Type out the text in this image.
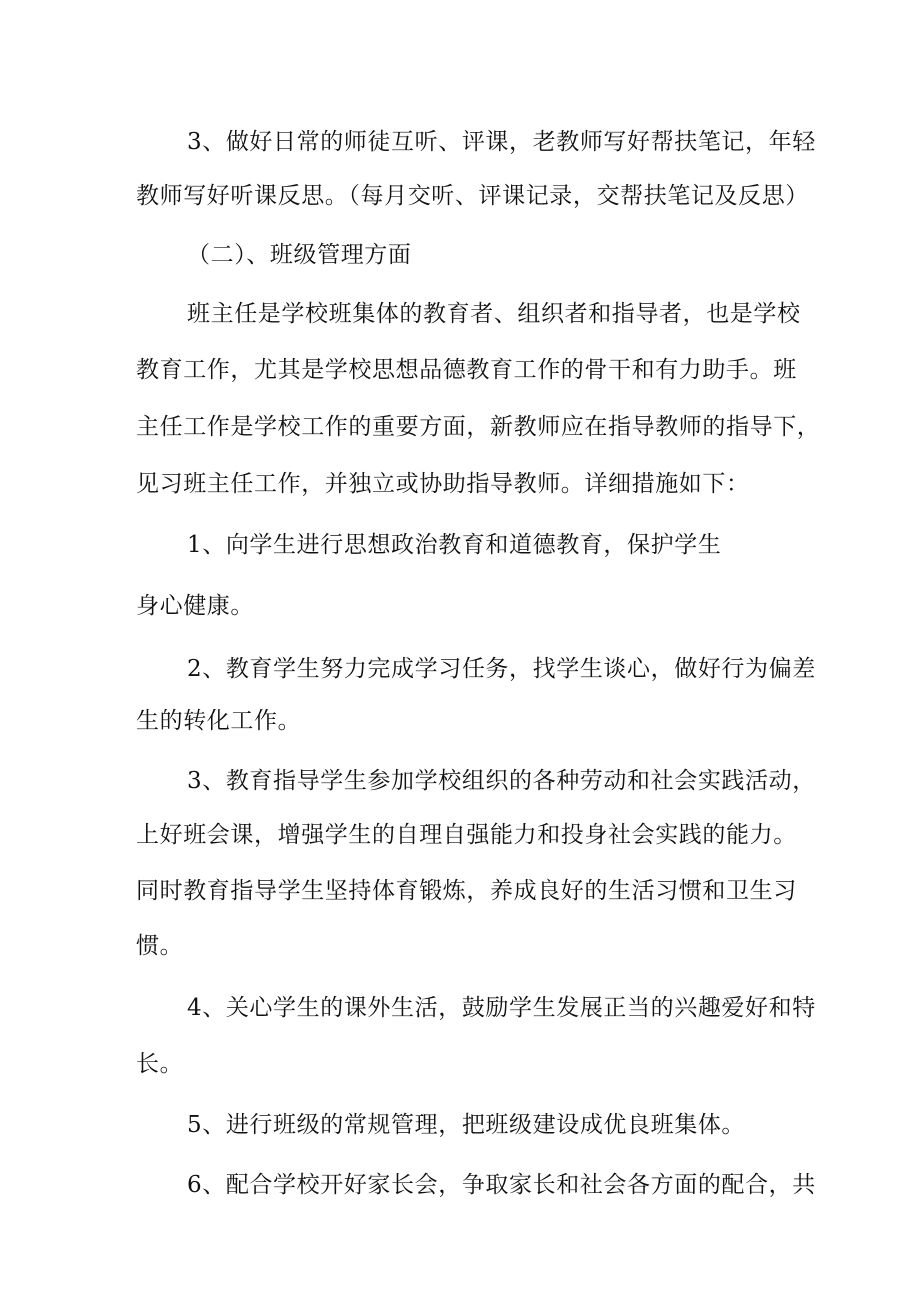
3、做好日常的师徒互听、评课，老教师写好帮扶笔记，年轻
教师写好听课反思。（每月交听、评课记录，交帮扶笔记及反思）
（二）、班级管理方面
班主任是学校班集体的教育者、组织者和指导者，也是学校
教育工作，尤其是学校思想品德教育工作的骨干和有力助手。班
主任工作是学校工作的重要方面，新教师应在指导教师的指导下，
见习班主任工作，并独立或协助指导教师。详细措施如下：
1、向学生进行思想政治教育和道德教育，保护学生
身心健康。
2、教育学生努力完成学习任务，找学生谈心，做好行为偏差
生的转化工作。
3、教育指导学生参加学校组织的各种劳动和社会实践活动，
上好班会课，增强学生的自理自强能力和投身社会实践的能力。
同时教育指导学生坚持体育锻炼，养成良好的生活习惯和卫生习
惯。
4、关心学生的课外生活，鼓励学生发展正当的兴趣爱好和特
长。
5、进行班级的常规管理，把班级建设成优良班集体。
6、配合学校开好家长会，争取家长和社会各方面的配合，共
